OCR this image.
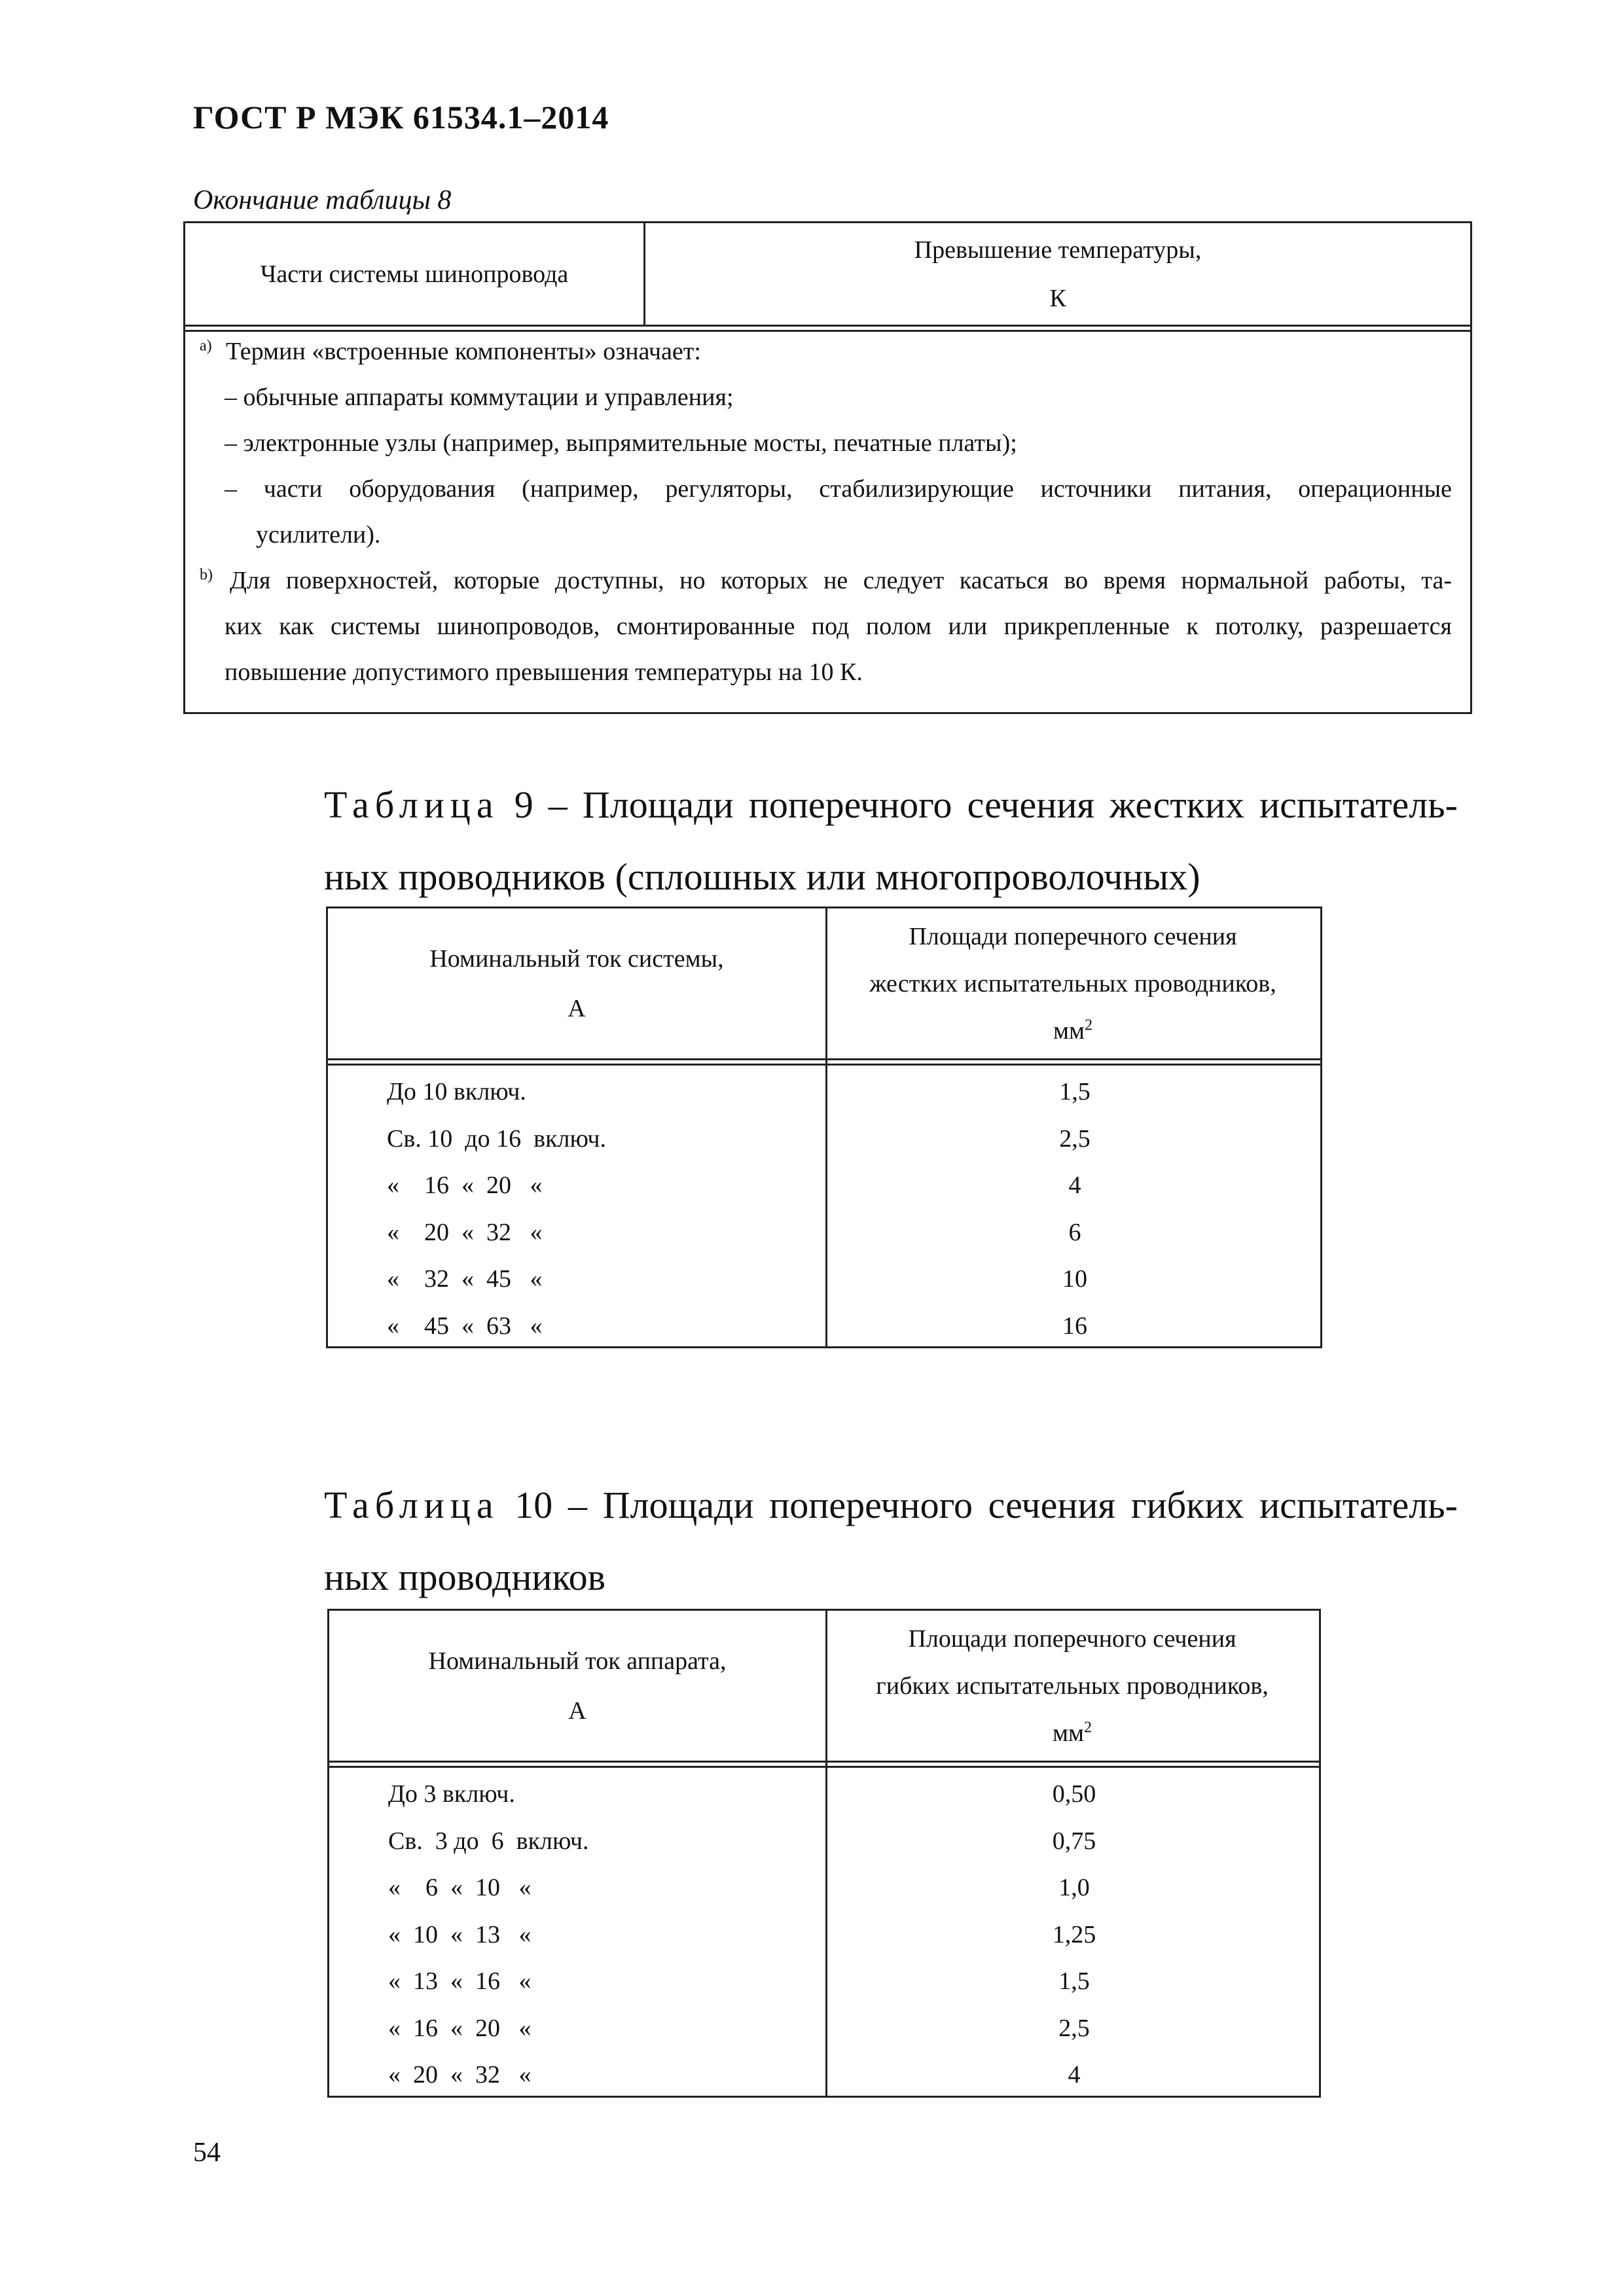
ГОСТ Р МЭК 61534.1–2014
Окончание таблицы 8
Части системы шинопровода
Превышение температуры,
К
$^{a)}$ Термин «встроенные компоненты» означает:
– обычные аппараты коммутации и управления;
– электронные узлы (например, выпрямительные мосты, печатные платы);
– части оборудования (например, регуляторы, стабилизирующие источники питания, операционные
усилители).
$^{b)}$ Для поверхностей, которые доступны, но которых не следует касаться во время нормальной работы, та-
ких как системы шинопроводов, смонтированные под полом или прикрепленные к потолку, разрешается
повышение допустимого превышения температуры на 10 К.
Таблица 9 – Площади поперечного сечения жестких испытатель-
ных проводников (сплошных или многопроволочных)
Номинальный ток системы,
А
Площади поперечного сечения
жестких испытательных проводников,
$мм^2$
До 10 включ.	1,5
Св. 10  до 16  включ.	2,5
«    16  «  20   «	4
«    20  «  32   «	6
«    32  «  45   «	10
«    45  «  63   «	16
Таблица 10 – Площади поперечного сечения гибких испытатель-
ных проводников
Номинальный ток аппарата,
А
Площади поперечного сечения
гибких испытательных проводников,
$мм^2$
До 3 включ.	0,50
Св.  3 до  6  включ.	0,75
«    6  «  10   «	1,0
«  10  «  13   «	1,25
«  13  «  16   «	1,5
«  16  «  20   «	2,5
«  20  «  32   «	4
54
